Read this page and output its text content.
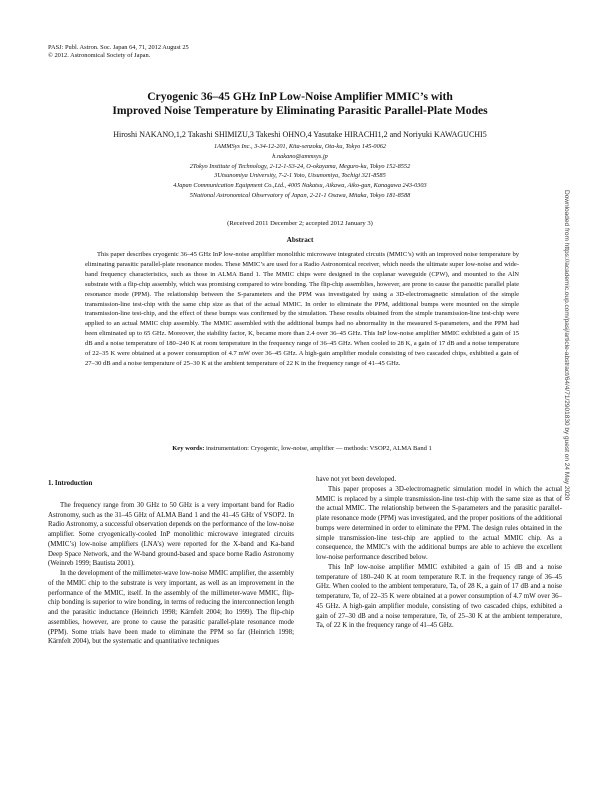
PASJ: Publ. Astron. Soc. Japan 64, 71, 2012 August 25
© 2012. Astronomical Society of Japan.
Cryogenic 36–45 GHz InP Low-Noise Amplifier MMIC’s with
Improved Noise Temperature by Eliminating Parasitic Parallel-Plate Modes
Hiroshi NAKANO,1,2 Takashi SHIMIZU,3 Takeshi OHNO,4 Yasutake HIRACHI1,2 and Noriyuki KAWAGUCHI5
1AMMSys Inc., 3-34-12-201, Kita-senzoku, Ota-ku, Tokyo 145-0062
h.nakano@ammsys.jp
2Tokyo Institute of Technology, 2-12-1-S3-24, O-okayama, Meguro-ku, Tokyo 152-8552
3Utsunomiya University, 7-2-1 Yoto, Utsunomiya, Tochigi 321-8585
4Japan Communication Equipment Co.,Ltd., 4005 Nakatsu, Aikawa, Aiko-gun, Kanagawa 243-0303
5National Astronomical Observatory of Japan, 2-21-1 Osawa, Mitaka, Tokyo 181-8588
(Received 2011 December 2; accepted 2012 January 3)
Abstract
This paper describes cryogenic 36–45 GHz InP low-noise amplifier monolithic microwave integrated circuits (MMIC’s) with an improved noise temperature by eliminating parasitic parallel-plate resonance modes. These MMIC’s are used for a Radio Astronomical receiver, which needs the ultimate super low-noise and wide-band frequency characteristics, such as those in ALMA Band 1. The MMIC chips were designed in the coplanar waveguide (CPW), and mounted to the AlN substrate with a flip-chip assembly, which was promising compared to wire bonding. The flip-chip assemblies, however, are prone to cause the parasitic parallel plate resonance mode (PPM). The relationship between the S-parameters and the PPM was investigated by using a 3D-electromagnetic simulation of the simple transmission-line test-chip with the same chip size as that of the actual MMIC. In order to eliminate the PPM, additional bumps were mounted on the simple transmission-line test-chip, and the effect of these bumps was confirmed by the simulation. These results obtained from the simple transmission-line test-chip were applied to an actual MMIC chip assembly. The MMIC assembled with the additional bumps had no abnormality in the measured S-parameters, and the PPM had been eliminated up to 65 GHz. Moreover, the stability factor, K, became more than 2.4 over 36–45 GHz. This InP low-noise amplifier MMIC exhibited a gain of 15 dB and a noise temperature of 180–240 K at room temperature in the frequency range of 36–45 GHz. When cooled to 28 K, a gain of 17 dB and a noise temperature of 22–35 K were obtained at a power consumption of 4.7 mW over 36–45 GHz. A high-gain amplifier module consisting of two cascaded chips, exhibited a gain of 27–30 dB and a noise temperature of 25–30 K at the ambient temperature of 22 K in the frequency range of 41–45 GHz.
Key words: instrumentation: Cryogenic, low-noise, amplifier — methods: VSOP2, ALMA Band 1
1. Introduction

The frequency range from 30 GHz to 50 GHz is a very important band for Radio Astronomy, such as the 31–45 GHz of ALMA Band 1 and the 41–45 GHz of VSOP2. In Radio Astronomy, a successful observation depends on the performance of the low-noise amplifier. Some cryogenically-cooled InP monolithic microwave integrated circuits (MMIC’s) low-noise amplifiers (LNA’s) were reported for the X-band and Ka-band Deep Space Network, and the W-band ground-based and space borne Radio Astronomy (Weinreb 1999; Bautista 2001).

In the development of the millimeter-wave low-noise MMIC amplifier, the assembly of the MMIC chip to the substrate is very important, as well as an improvement in the performance of the MMIC, itself. In the assembly of the millimeter-wave MMIC, flip-chip bonding is superior to wire bonding, in terms of reducing the interconnection length and the parasitic inductance (Heinrich 1998; Kärnfelt 2004; Ito 1999). The flip-chip assemblies, however, are prone to cause the parasitic parallel-plate resonance mode (PPM). Some trials have been made to eliminate the PPM so far (Heinrich 1998; Kärnfelt 2004), but the systematic and quantitative techniques

have not yet been developed.

This paper proposes a 3D-electromagnetic simulation model in which the actual MMIC is replaced by a simple transmission-line test-chip with the same size as that of the actual MMIC. The relationship between the S-parameters and the parasitic parallel-plate resonance mode (PPM) was investigated, and the proper positions of the additional bumps were determined in order to eliminate the PPM. The design rules obtained in the simple transmission-line test-chip are applied to the actual MMIC chip. As a consequence, the MMIC’s with the additional bumps are able to achieve the excellent low-noise performance described below.

This InP low-noise amplifier MMIC exhibited a gain of 15 dB and a noise temperature of 180–240 K at room temperature R.T. in the frequency range of 36–45 GHz. When cooled to the ambient temperature, Ta, of 28 K, a gain of 17 dB and a noise temperature, Te, of 22–35 K were obtained at a power consumption of 4.7 mW over 36–45 GHz. A high-gain amplifier module, consisting of two cascaded chips, exhibited a gain of 27–30 dB and a noise temperature, Te, of 25–30 K at the ambient temperature, Ta, of 22 K in the frequency range of 41–45 GHz.

Downloaded from https://academic.oup.com/pasj/article-abstract/64/4/71/2901830 by guest on 24 May 2020
